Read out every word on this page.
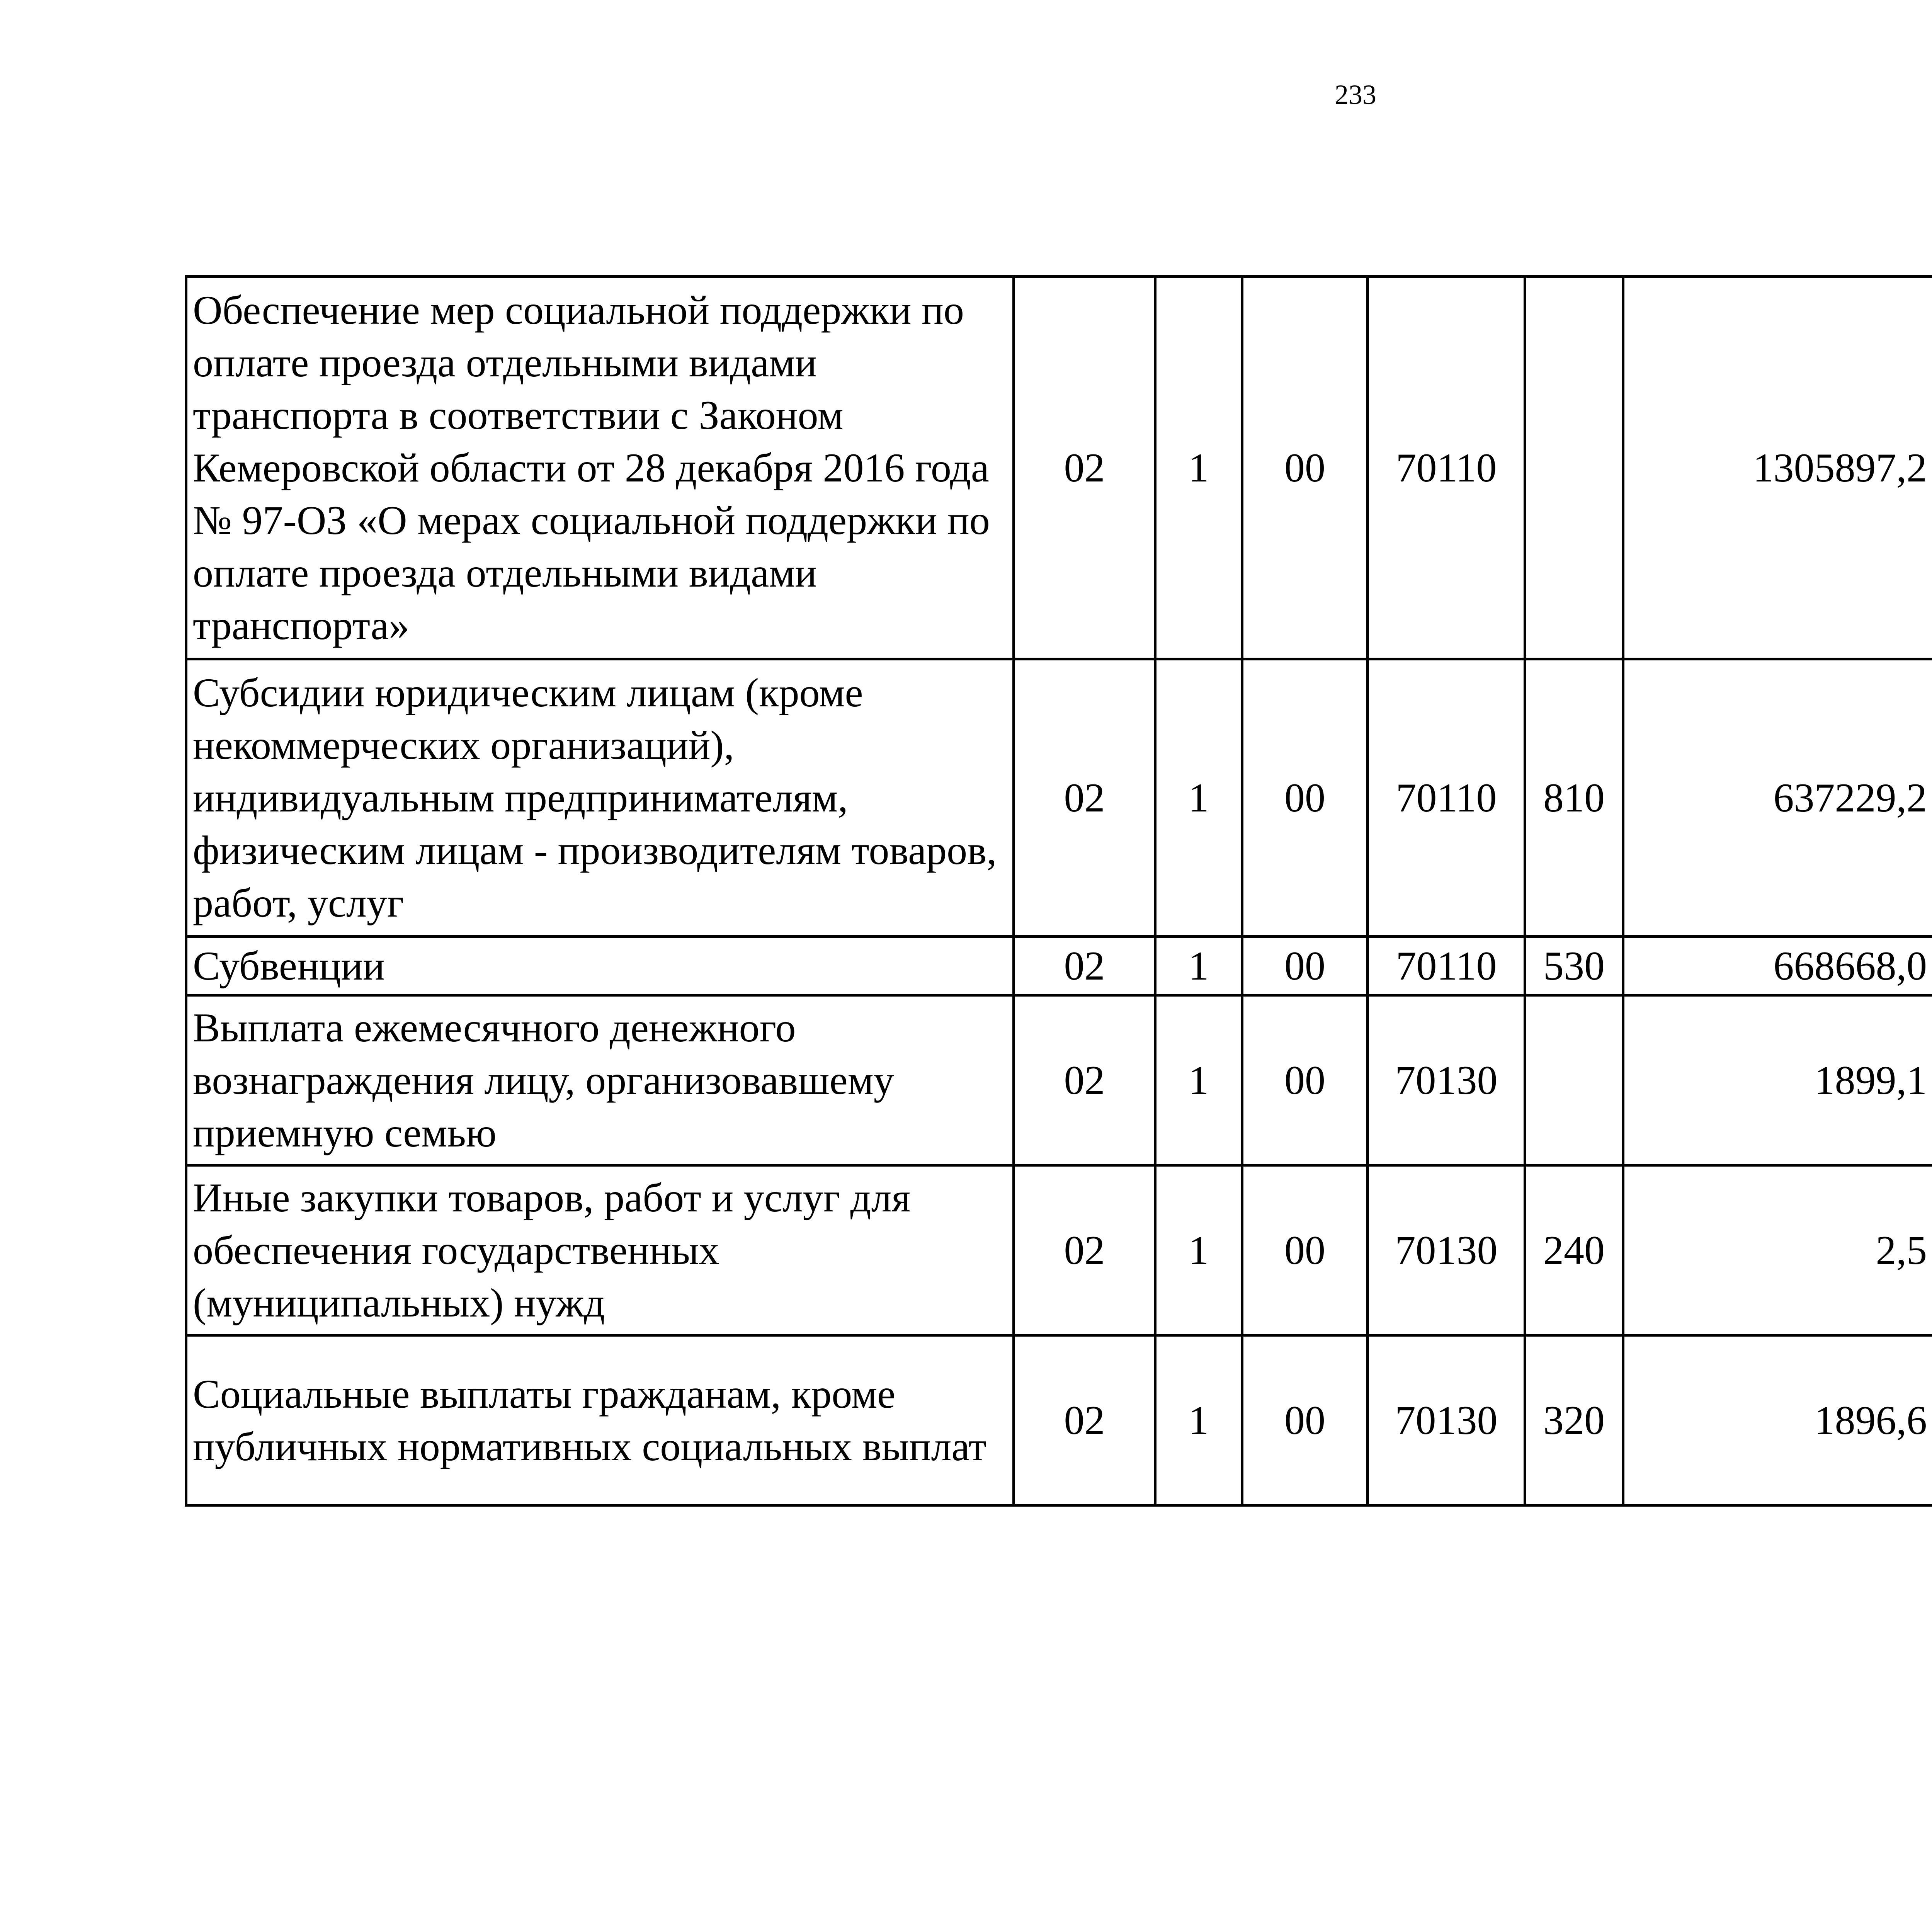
233
Обеспечение мер социальной поддержки по оплате проезда отдельными видами транспорта в соответствии с Законом Кемеровской области от 28 декабря 2016 года № 97-ОЗ «О мерах социальной поддержки по оплате проезда отдельными видами транспорта»	02	1	00	70110		1305897,2		
Субсидии юридическим лицам (кроме некоммерческих организаций), индивидуальным предпринимателям, физическим лицам - производителям товаров, работ, услуг	02	1	00	70110	810	637229,2		
Субвенции	02	1	00	70110	530	668668,0		
Выплата ежемесячного денежного вознаграждения лицу, организовавшему приемную семью	02	1	00	70130		1899,1		
Иные закупки товаров, работ и услуг для обеспечения государственных (муниципальных) нужд	02	1	00	70130	240	2,5		
Социальные выплаты гражданам, кроме публичных нормативных социальных выплат	02	1	00	70130	320	1896,6		
